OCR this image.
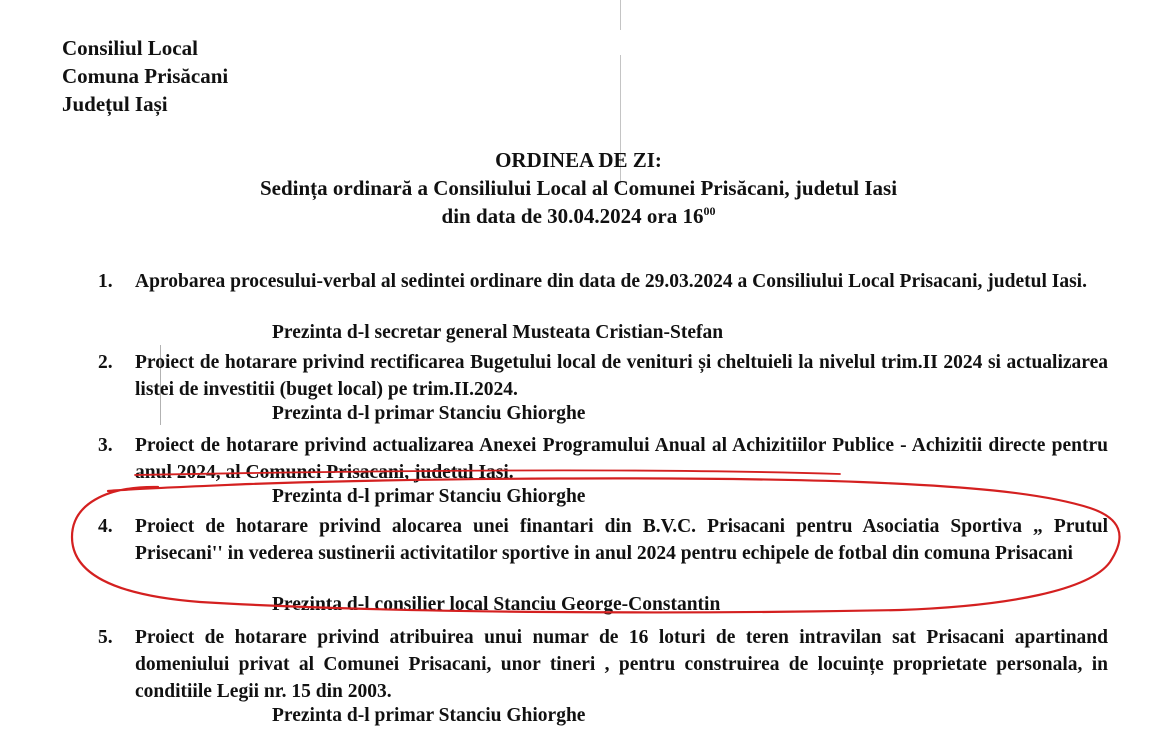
Consiliul Local
Comuna Prisăcani
Județul Iași
ORDINEA DE ZI:
Sedința ordinară a Consiliului Local al Comunei Prisăcani, judetul Iasi
din data de 30.04.2024 ora $16^{00}$
1. Aprobarea procesului-verbal al sedintei ordinare din data de 29.03.2024 a Consiliului Local Prisacani, judetul Iasi.
Prezinta d-l secretar general Musteata Cristian-Stefan
2. Proiect de hotarare privind rectificarea Bugetului local de venituri și cheltuieli la nivelul trim.II 2024 si actualizarea listei de investitii (buget local) pe trim.II.2024.
Prezinta d-l primar Stanciu Ghiorghe
3. Proiect de hotarare privind actualizarea Anexei Programului Anual al Achizitiilor Publice - Achizitii directe pentru anul 2024, al Comunei Prisacani, judetul Iasi.
Prezinta d-l primar Stanciu Ghiorghe
4. Proiect de hotarare privind alocarea unei finantari din B.V.C. Prisacani pentru Asociatia Sportiva „ Prutul Prisecani'' in vederea sustinerii activitatilor sportive in anul 2024 pentru echipele de fotbal din comuna Prisacani
Prezinta d-l consilier local Stanciu George-Constantin
5. Proiect de hotarare privind atribuirea unui numar de 16 loturi de teren intravilan sat Prisacani apartinand domeniului privat al Comunei Prisacani, unor tineri , pentru construirea de locuințe proprietate personala, in conditiile Legii nr. 15 din 2003.
Prezinta d-l primar Stanciu Ghiorghe
